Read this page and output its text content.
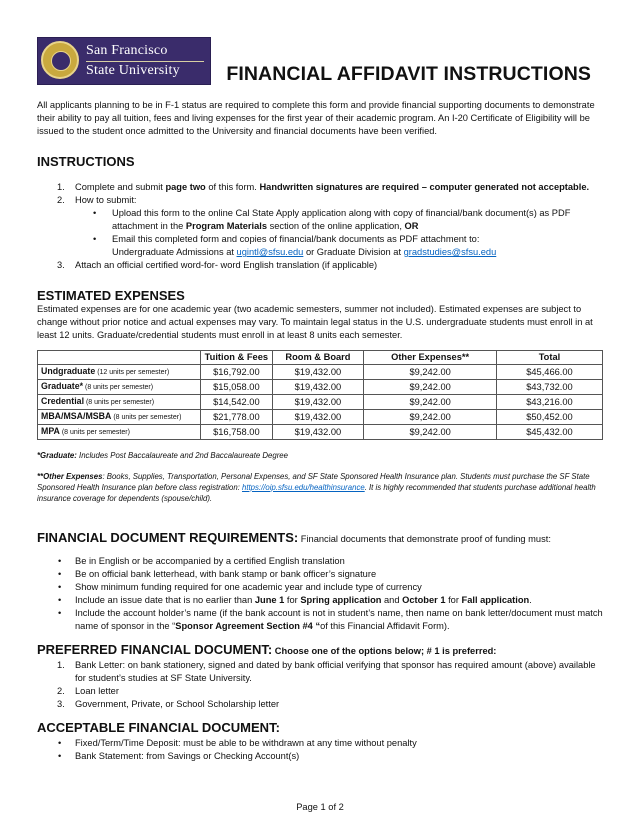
San Francisco
State University FINANCIAL AFFIDAVIT INSTRUCTIONS

All applicants planning to be in F-1 status are required to complete this form and provide financial supporting documents to demonstrate their ability to pay all tuition, fees and living expenses for the first year of their academic program. An I-20 Certificate of Eligibility will be issued to the student once admitted to the University and financial documents have been verified.

INSTRUCTIONS
1. Complete and submit page two of this form. Handwritten signatures are required – computer generated not acceptable.
2. How to submit:
• Upload this form to the online Cal State Apply application along with copy of financial/bank document(s) as PDF attachment in the Program Materials section of the online application, OR
• Email this completed form and copies of financial/bank documents as PDF attachment to:
Undergraduate Admissions at ugintl@sfsu.edu or Graduate Division at gradstudies@sfsu.edu
3. Attach an official certified word-for- word English translation (if applicable)
ESTIMATED EXPENSES

Estimated expenses are for one academic year (two academic semesters, summer not included). Estimated expenses are subject to change without prior notice and actual expenses may vary. To maintain legal status in the U.S. undergraduate students must enroll in at least 12 units. Graduate/credential students must enroll in at least 8 units each semester.

	Tuition & Fees	Room & Board	Other Expenses**	Total
Undgraduate (12 units per semester)	$16,792.00	$19,432.00	$9,242.00	$45,466.00
Graduate* (8 units per semester)	$15,058.00	$19,432.00	$9,242.00	$43,732.00
Credential (8 units per semester)	$14,542.00	$19,432.00	$9,242.00	$43,216.00
MBA/MSA/MSBA (8 units per semester)	$21,778.00	$19,432.00	$9,242.00	$50,452.00
MPA (8 units per semester)	$16,758.00	$19,432.00	$9,242.00	$45,432.00

*Graduate: Includes Post Baccalaureate and 2nd Baccalaureate Degree

**Other Expenses: Books, Supplies, Transportation, Personal Expenses, and SF State Sponsored Health Insurance plan. Students must purchase the SF State Sponsored Health Insurance plan before class registration: https://oip.sfsu.edu/healthinsurance. It is highly recommended that students purchase additional health insurance coverage for dependents (spouse/child).

FINANCIAL DOCUMENT REQUIREMENTS: Financial documents that demonstrate proof of funding must:
• Be in English or be accompanied by a certified English translation
• Be on official bank letterhead, with bank stamp or bank officer’s signature
• Show minimum funding required for one academic year and include type of currency
• Include an issue date that is no earlier than June 1 for Spring application and October 1 for Fall application.
• Include the account holder’s name (if the bank account is not in student’s name, then name on bank letter/document must match name of sponsor in the “Sponsor Agreement Section #4 “of this Financial Affidavit Form).
PREFERRED FINANCIAL DOCUMENT: Choose one of the options below; # 1 is preferred:
1. Bank Letter: on bank stationery, signed and dated by bank official verifying that sponsor has required amount (above) available for student’s studies at SF State University.
2. Loan letter
3. Government, Private, or School Scholarship letter
ACCEPTABLE FINANCIAL DOCUMENT:
• Fixed/Term/Time Deposit: must be able to be withdrawn at any time without penalty
• Bank Statement: from Savings or Checking Account(s)
Page 1 of 2
